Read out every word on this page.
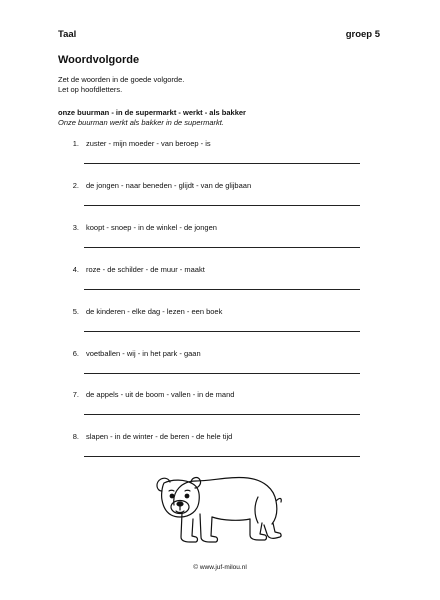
Taal	groep 5
Woordvolgorde
Zet de woorden in de goede volgorde.
Let op hoofdletters.
onze buurman - in de supermarkt - werkt - als bakker
Onze buurman werkt als bakker in de supermarkt.
1. zuster - mijn moeder - van beroep - is
2. de jongen - naar beneden - glijdt - van de glijbaan
3. koopt - snoep - in de winkel - de jongen
4. roze - de schilder - de muur - maakt
5. de kinderen - elke dag - lezen - een boek
6. voetballen - wij - in het park - gaan
7. de appels - uit de boom - vallen - in de mand
8. slapen - in de winter - de beren - de hele tijd
© www.juf-milou.nl
